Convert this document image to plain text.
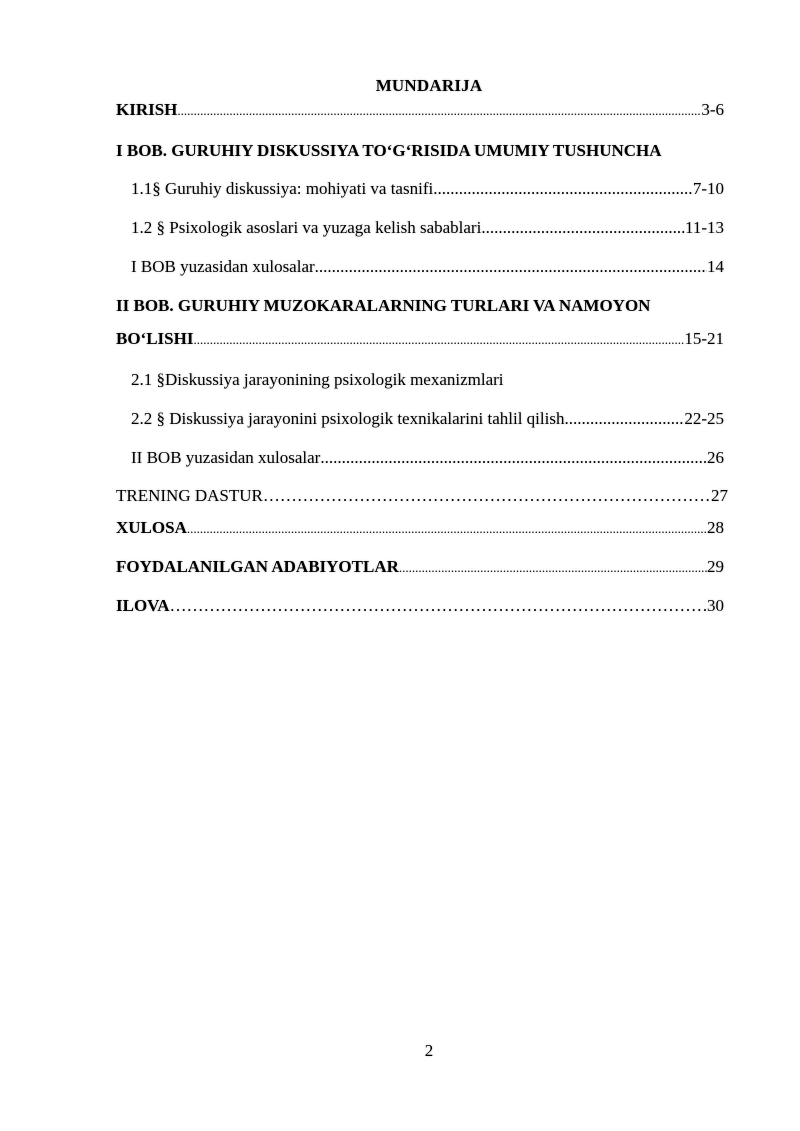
MUNDARIJA
KIRISH .....	3-6
I BOB. GURUHIY DISKUSSIYA TO‘G‘RISIDA UMUMIY TUSHUNCHA
1.1§ Guruhiy diskussiya: mohiyati va tasnifi .....	7-10
1.2 § Psixologik asoslari va yuzaga kelish sabablari .....	11-13
I BOB yuzasidan xulosalar .....	14
II BOB. GURUHIY MUZOKARALARNING TURLARI VA NAMOYON
BO‘LISHI .....	15-21
2.1 §Diskussiya jarayonining psixologik mexanizmlari
2.2 § Diskussiya jarayonini psixologik texnikalarini tahlil qilish .....	22-25
II BOB yuzasidan xulosalar .....	26
TRENING DASTUR ……………………………………………………………………………………………………………………………………	27
XULOSA .....	28
FOYDALANILGAN ADABIYOTLAR .....	29
ILOVA ……………………………………………………………………………………………………………………………………	30
2
